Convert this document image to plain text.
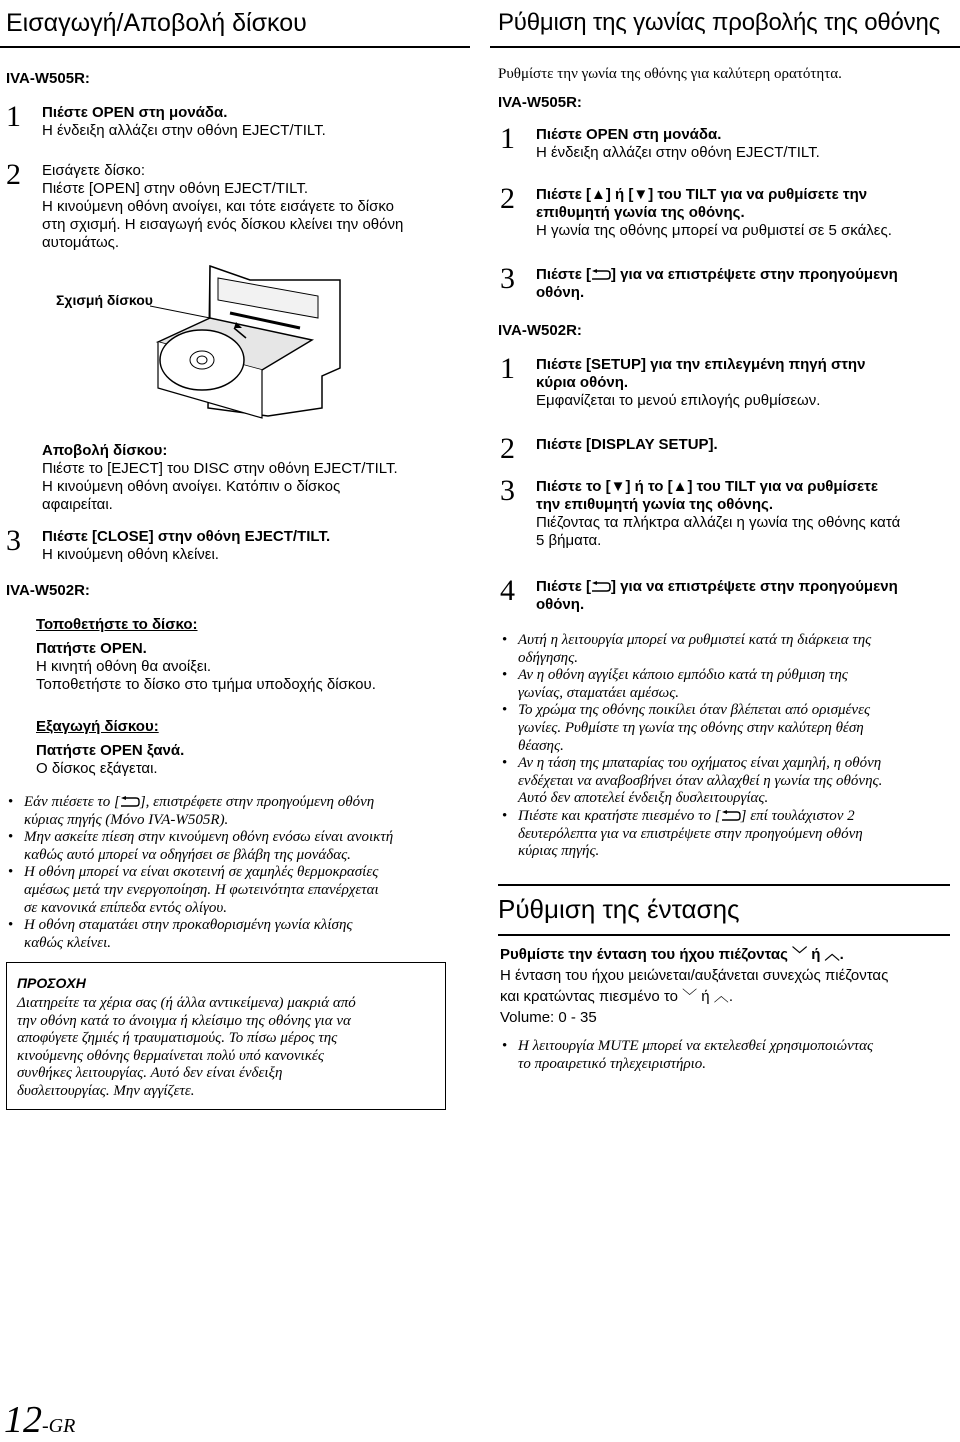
Εισαγωγή/Αποβολή δίσκου
IVA-W505R:
1 Πιέστε OPEN στη μονάδα.
Η ένδειξη αλλάζει στην οθόνη EJECT/TILT.
2 Εισάγετε δίσκο:
Πιέστε [OPEN] στην οθόνη EJECT/TILT.
Η κινούμενη οθόνη ανοίγει, και τότε εισάγετε το δίσκο
στη σχισμή. Η εισαγωγή ενός δίσκου κλείνει την οθόνη
αυτομάτως.
Σχισμή δίσκου
Αποβολή δίσκου:
Πιέστε το [EJECT] του DISC στην οθόνη EJECT/TILT.
Η κινούμενη οθόνη ανοίγει. Κατόπιν ο δίσκος
αφαιρείται.
3 Πιέστε [CLOSE] στην οθόνη EJECT/TILT.
Η κινούμενη οθόνη κλείνει.
IVA-W502R:
Τοποθετήστε το δίσκο:
Πατήστε OPEN.
Η κινητή οθόνη θα ανοίξει.
Τοποθετήστε το δίσκο στο τμήμα υποδοχής δίσκου.
Εξαγωγή δίσκου:
Πατήστε OPEN ξανά.
Ο δίσκος εξάγεται.
• Εάν πιέσετε το [ ], επιστρέφετε στην προηγούμενη οθόνη
κύριας πηγής (Μόνο IVA-W505R).
• Μην ασκείτε πίεση στην κινούμενη οθόνη ενόσω είναι ανοικτή
καθώς αυτό μπορεί να οδηγήσει σε βλάβη της μονάδας.
• Η οθόνη μπορεί να είναι σκοτεινή σε χαμηλές θερμοκρασίες
αμέσως μετά την ενεργοποίηση. Η φωτεινότητα επανέρχεται
σε κανονικά επίπεδα εντός ολίγου.
• Η οθόνη σταματάει στην προκαθορισμένη γωνία κλίσης
καθώς κλείνει.
ΠΡΟΣΟΧΗ
Διατηρείτε τα χέρια σας (ή άλλα αντικείμενα) μακριά από
την οθόνη κατά το άνοιγμα ή κλείσιμο της οθόνης για να
αποφύγετε ζημιές ή τραυματισμούς. Το πίσω μέρος της
κινούμενης οθόνης θερμαίνεται πολύ υπό κανονικές
συνθήκες λειτουργίας. Αυτό δεν είναι ένδειξη
δυσλειτουργίας. Μην αγγίζετε.
12-GR
Ρύθμιση της γωνίας προβολής της οθόνης
Ρυθμίστε την γωνία της οθόνης για καλύτερη ορατότητα.
IVA-W505R:
1 Πιέστε OPEN στη μονάδα.
Η ένδειξη αλλάζει στην οθόνη EJECT/TILT.
2 Πιέστε [▲] ή [▼] του TILT για να ρυθμίσετε την
επιθυμητή γωνία της οθόνης.
Η γωνία της οθόνης μπορεί να ρυθμιστεί σε 5 σκάλες.
3 Πιέστε [ ] για να επιστρέψετε στην προηγούμενη
οθόνη.
IVA-W502R:
1 Πιέστε [SETUP] για την επιλεγμένη πηγή στην
κύρια οθόνη.
Εμφανίζεται το μενού επιλογής ρυθμίσεων.
2 Πιέστε [DISPLAY SETUP].
3 Πιέστε το [▼] ή το [▲] του TILT για να ρυθμίσετε
την επιθυμητή γωνία της οθόνης.
Πιέζοντας τα πλήκτρα αλλάζει η γωνία της οθόνης κατά
5 βήματα.
4 Πιέστε [ ] για να επιστρέψετε στην προηγούμενη
οθόνη.
• Αυτή η λειτουργία μπορεί να ρυθμιστεί κατά τη διάρκεια της
οδήγησης.
• Αν η οθόνη αγγίξει κάποιο εμπόδιο κατά τη ρύθμιση της
γωνίας, σταματάει αμέσως.
• Το χρώμα της οθόνης ποικίλει όταν βλέπεται από ορισμένες
γωνίες. Ρυθμίστε τη γωνία της οθόνης στην καλύτερη θέση
θέασης.
• Αν η τάση της μπαταρίας του οχήματος είναι χαμηλή, η οθόνη
ενδέχεται να αναβοσβήνει όταν αλλαχθεί η γωνία της οθόνης.
Αυτό δεν αποτελεί ένδειξη δυσλειτουργίας.
• Πιέστε και κρατήστε πιεσμένο το [ ] επί τουλάχιστον 2
δευτερόλεπτα για να επιστρέψετε στην προηγούμενη οθόνη
κύριας πηγής.
Ρύθμιση της έντασης
Ρυθμίστε την ένταση του ήχου πιέζοντας ﹀ ή ︿.
Η ένταση του ήχου μειώνεται/αυξάνεται συνεχώς πιέζοντας
και κρατώντας πιεσμένο το ﹀ ή ︿.
Volume: 0 - 35
• Η λειτουργία MUTE μπορεί να εκτελεσθεί χρησιμοποιώντας
το προαιρετικό τηλεχειριστήριο.
